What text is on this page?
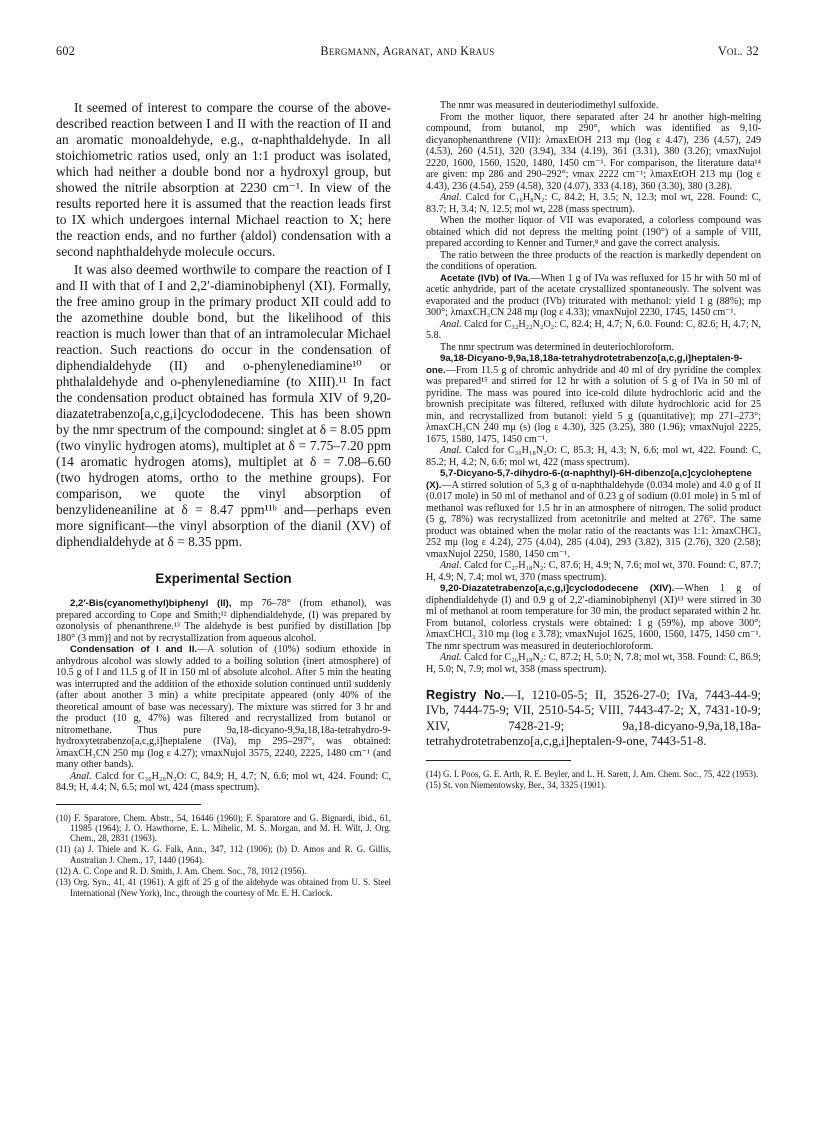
602	Bergmann, Agranat, and Kraus	Vol. 32

It seemed of interest to compare the course of the above-described reaction between I and II with the reaction of II and an aromatic monoaldehyde, e.g., α-naphthaldehyde. In all stoichiometric ratios used, only an 1:1 product was isolated, which had neither a double bond nor a hydroxyl group, but showed the nitrile absorption at 2230 cm⁻¹. In view of the results reported here it is assumed that the reaction leads first to IX which undergoes internal Michael reaction to X; here the reaction ends, and no further (aldol) condensation with a second naphthaldehyde molecule occurs.

It was also deemed worthwile to compare the reaction of I and II with that of I and 2,2′-diaminobiphenyl (XI). Formally, the free amino group in the primary product XII could add to the azomethine double bond, but the likelihood of this reaction is much lower than that of an intramolecular Michael reaction. Such reactions do occur in the condensation of diphendialdehyde (II) and o-phenylenediamine¹⁰ or phthalaldehyde and o-phenylenediamine (to XIII).¹¹ In fact the condensation product obtained has formula XIV of 9,20-diazatetrabenzo[a,c,g,i]cyclododecene. This has been shown by the nmr spectrum of the compound: singlet at δ = 8.05 ppm (two vinylic hydrogen atoms), multiplet at δ = 7.75–7.20 ppm (14 aromatic hydrogen atoms), multiplet at δ = 7.08–6.60 (two hydrogen atoms, ortho to the methine groups). For comparison, we quote the vinyl absorption of benzylideneaniline at δ = 8.47 ppm¹¹ᵇ and—perhaps even more significant—the vinyl absorption of the dianil (XV) of diphendialdehyde at δ = 8.35 ppm.

Experimental Section

2,2′-Bis(cyanomethyl)biphenyl (II), mp 76–78° (from ethanol), was prepared according to Cope and Smith;¹² diphendialdehyde, (I) was prepared by ozonolysis of phenanthrene.¹³ The aldehyde is best purified by distillation [bp 180° (3 mm)] and not by recrystallization from aqueous alcohol.

Condensation of I and II.—A solution of (10%) sodium ethoxide in anhydrous alcohol was slowly added to a boiling solution (inert atmosphere) of 10.5 g of I and 11.5 g of II in 150 ml of absolute alcohol. After 5 min the heating was interrupted and the addition of the ethoxide solution continued until suddenly (after about another 3 min) a white precipitate appeared (only 40% of the theoretical amount of base was necessary). The mixture was stirred for 3 hr and the product (10 g, 47%) was filtered and recrystallized from butanol or nitromethane. Thus pure 9a,18-dicyano-9,9a,18,18a-tetrahydro-9-hydroxytetrabenzo[a,c,g,i]heptalene (IVa), mp 295–297°, was obtained: λmaxCH₃CN 250 mμ (log ε 4.27); νmaxNujol 3575, 2240, 2225, 1480 cm⁻¹ (and many other bands).

Anal. Calcd for C₃₀H₂₀N₂O: C, 84.9; H, 4.7; N, 6.6; mol wt, 424. Found: C, 84.9; H, 4.4; N, 6.5; mol wt, 424 (mass spectrum).

(10) F. Sparatore, Chem. Abstr., 54, 16446 (1960); F. Sparatore and G. Bignardi, ibid., 61, 11985 (1964); J. O. Hawthorne, E. L. Mihelic, M. S. Morgan, and M. H. Wilt, J. Org. Chem., 28, 2831 (1963).

(11) (a) J. Thiele and K. G. Falk, Ann., 347, 112 (1906); (b) D. Amos and R. G. Gillis, Australian J. Chem., 17, 1440 (1964).

(12) A. C. Cope and R. D. Smith, J. Am. Chem. Soc., 78, 1012 (1956).

(13) Org. Syn., 41, 41 (1961). A gift of 25 g of the aldehyde was obtained from U. S. Steel International (New York), Inc., through the courtesy of Mr. E. H. Carlock.

The nmr was measured in deuteriodimethyl sulfoxide.

From the mother liquor, there separated after 24 hr another high-melting compound, from butanol, mp 290°, which was identified as 9,10-dicyanophenanthrene (VII): λmaxEtOH 213 mμ (log ε 4.47), 236 (4.57), 249 (4.53), 260 (4.51), 320 (3.94), 334 (4.19), 361 (3.31), 380 (3.26); νmaxNujol 2220, 1600, 1560, 1520, 1480, 1450 cm⁻¹. For comparison, the literature data¹⁴ are given: mp 286 and 290–292°; νmax 2222 cm⁻¹; λmaxEtOH 213 mμ (log ε 4.43), 236 (4.54), 259 (4.58), 320 (4.07), 333 (4.18), 360 (3.30), 380 (3.28).

Anal. Calcd for C₁₆H₈N₂: C, 84.2; H, 3.5; N, 12.3; mol wt, 228. Found: C, 83.7; H, 3.4; N, 12.5; mol wt, 228 (mass spectrum).

When the mother liquor of VII was evaporated, a colorless compound was obtained which did not depress the melting point (190°) of a sample of VIII, prepared according to Kenner and Turner,⁸ and gave the correct analysis.

The ratio between the three products of the reaction is markedly dependent on the conditions of operation.

Acetate (IVb) of IVa.—When 1 g of IVa was refluxed for 15 hr with 50 ml of acetic anhydride, part of the acetate crystallized spontaneously. The solvent was evaporated and the product (IVb) triturated with methanol: yield 1 g (88%); mp 300°; λmaxCH₃CN 248 mμ (log ε 4.33); νmaxNujol 2230, 1745, 1450 cm⁻¹.

Anal. Calcd for C₃₂H₂₂N₂O₂: C, 82.4; H, 4.7; N, 6.0. Found: C, 82.6; H, 4.7; N, 5.8.

The nmr spectrum was determined in deuteriochloroform.

9a,18-Dicyano-9,9a,18,18a-tetrahydrotetrabenzo[a,c,g,i]heptalen-9-one.—From 11.5 g of chromic anhydride and 40 ml of dry pyridine the complex was prepared¹⁵ and stirred for 12 hr with a solution of 5 g of IVa in 50 ml of pyridine. The mass was poured into ice-cold dilute hydrochloric acid and the brownish precipitate was filtered, refluxed with dilute hydrochloric acid for 25 min, and recrystallized from butanol: yield 5 g (quantitative); mp 271–273°; λmaxCH₃CN 240 mμ (s) (log ε 4.30), 325 (3.25), 380 (1.96); νmaxNujol 2225, 1675, 1580, 1475, 1450 cm⁻¹.

Anal. Calcd for C₃₀H₁₈N₂O: C, 85.3; H, 4.3; N, 6.6; mol wt, 422. Found: C, 85.2; H, 4.2; N, 6.6; mol wt, 422 (mass spectrum).

5,7-Dicyano-5,7-dihydro-6-(α-naphthyl)-6H-dibenzo[a,c]cycloheptene (X).—A stirred solution of 5,3 g of α-naphthaldehyde (0.034 mole) and 4.0 g of II (0.017 mole) in 50 ml of methanol and of 0.23 g of sodium (0.01 mole) in 5 ml of methanol was refluxed for 1.5 hr in an atmosphere of nitrogen. The solid product (5 g, 78%) was recrystallized from acetonitrile and melted at 276°. The same product was obtained when the molar ratio of the reactants was 1:1: λmaxCHCl₃ 252 mμ (log ε 4.24), 275 (4.04), 285 (4.04), 293 (3.82), 315 (2.76), 320 (2.58); νmaxNujol 2250, 1580, 1450 cm⁻¹.

Anal. Calcd for C₂₇H₁₈N₂: C, 87.6; H, 4.9; N, 7.6; mol wt, 370. Found: C, 87.7; H, 4.9; N, 7.4; mol wt, 370 (mass spectrum).

9,20-Diazatetrabenzo[a,c,g,i]cyclododecene (XIV).—When 1 g of diphendialdehyde (I) and 0.9 g of 2,2′-diaminobiphenyl (XI)¹³ were stirred in 30 ml of methanol at room temperature for 30 min, the product separated within 2 hr. From butanol, colorless crystals were obtained: 1 g (59%), mp above 300°; λmaxCHCl₃ 310 mμ (log ε 3.78); νmaxNujol 1625, 1600, 1560, 1475, 1450 cm⁻¹. The nmr spectrum was measured in deuteriochloroform.

Anal. Calcd for C₂₆H₁₈N₂: C, 87.2; H, 5.0; N, 7.8; mol wt, 358. Found: C, 86.9; H, 5.0; N, 7.9; mol wt, 358 (mass spectrum).

Registry No.—I, 1210-05-5; II, 3526-27-0; IVa, 7443-44-9; IVb, 7444-75-9; VII, 2510-54-5; VIII, 7443-47-2; X, 7431-10-9; XIV, 7428-21-9; 9a,18-dicyano-9,9a,18,18a-tetrahydrotetrabenzo[a,c,g,i]heptalen-9-one, 7443-51-8.

(14) G. I. Poos, G. E. Arth, R. E. Beyler, and L. H. Sarett, J. Am. Chem. Soc., 75, 422 (1953).

(15) St. von Niementowsky, Ber., 34, 3325 (1901).
